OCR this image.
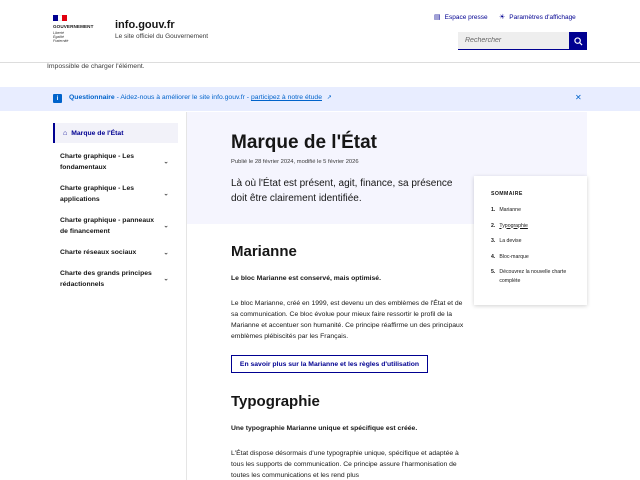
GOUVERNEMENT
Liberté
Égalité
Fraternité
info.gouv.fr
Le site officiel du Gouvernement
▤ Espace presse ☀ Paramètres d'affichage
Rechercher
Impossible de charger l'élément.
i	Questionnaire - Aidez-nous à améliorer le site info.gouv.fr - participez à notre étude ↗	✕
⌂ Marque de l'État
Charte graphique - Les fondamentaux
⌄
Charte graphique - Les applications
⌄
Charte graphique - panneaux de financement
⌄
Charte réseaux sociaux	⌄
Charte des grands principes rédactionnels
⌄
Marque de l'État
Publié le 28 février 2024, modifié le 5 février 2026
Là où l'État est présent, agit, finance, sa présence doit être clairement identifiée.	SOMMAIRE
1. Marianne
2. Typographie
3. La devise
4. Bloc-marque
5. Découvrez la nouvelle charte complète
Marianne
Le bloc Marianne est conservé, mais optimisé.
Le bloc Marianne, créé en 1999, est devenu un des emblèmes de l'État et de sa communication. Ce bloc évolue pour mieux faire ressortir le profil de la Marianne et accentuer son humanité. Ce principe réaffirme un des principaux emblèmes plébiscités par les Français.
En savoir plus sur la Marianne et les règles d'utilisation
Typographie
Une typographie Marianne unique et spécifique est créée.
L'État dispose désormais d'une typographie unique, spécifique et adaptée à tous les supports de communication. Ce principe assure l'harmonisation de toutes les communications et les rend plus
